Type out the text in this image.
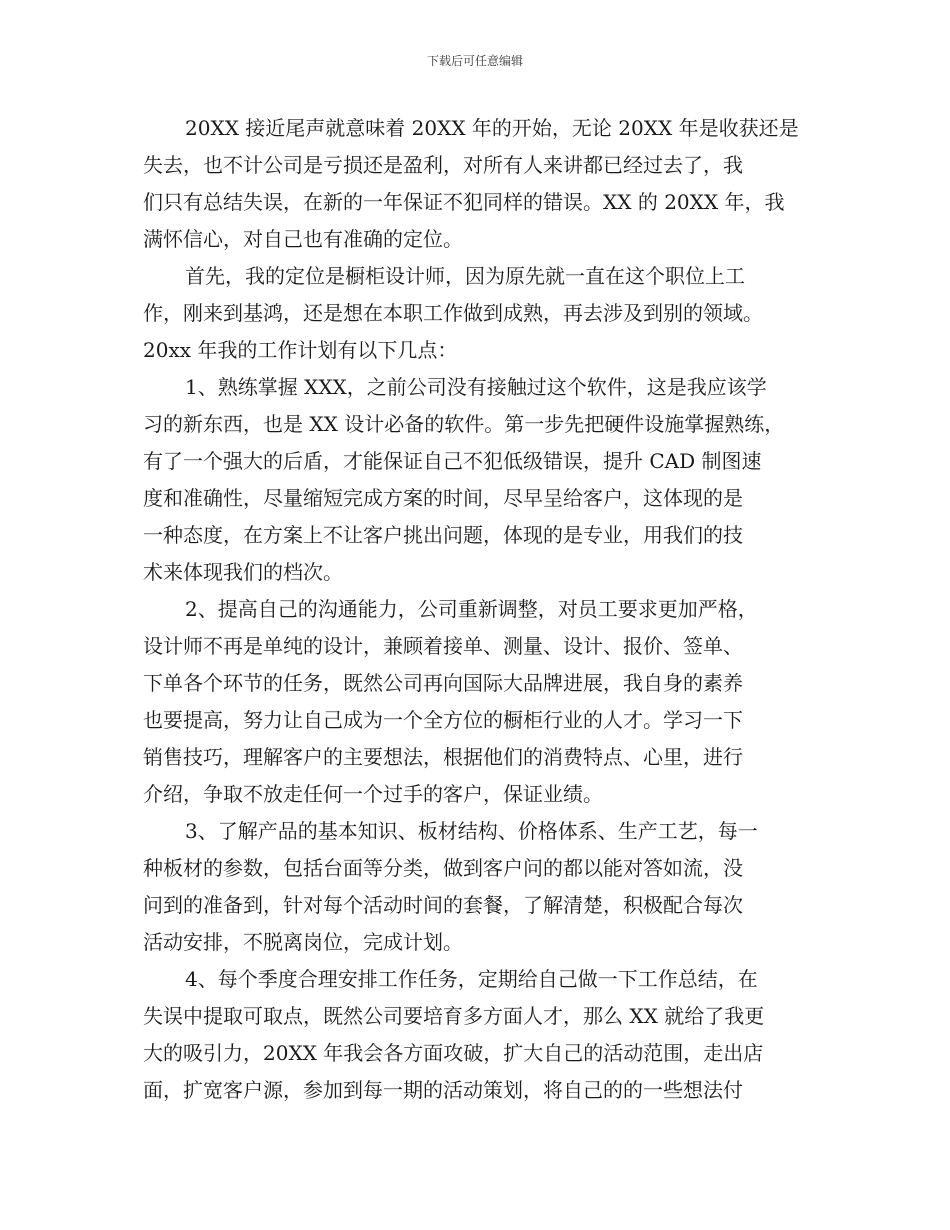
下载后可任意编辑
20XX 接近尾声就意味着 20XX 年的开始，无论 20XX 年是收获还是
失去，也不计公司是亏损还是盈利，对所有人来讲都已经过去了，我
们只有总结失误，在新的一年保证不犯同样的错误。XX 的 20XX 年，我
满怀信心，对自己也有准确的定位。
首先，我的定位是橱柜设计师，因为原先就一直在这个职位上工
作，刚来到基鸿，还是想在本职工作做到成熟，再去涉及到别的领域。
20xx 年我的工作计划有以下几点：
1、熟练掌握 XXX，之前公司没有接触过这个软件，这是我应该学
习的新东西，也是 XX 设计必备的软件。第一步先把硬件设施掌握熟练，
有了一个强大的后盾，才能保证自己不犯低级错误，提升 CAD 制图速
度和准确性，尽量缩短完成方案的时间，尽早呈给客户，这体现的是
一种态度，在方案上不让客户挑出问题，体现的是专业，用我们的技
术来体现我们的档次。
2、提高自己的沟通能力，公司重新调整，对员工要求更加严格，
设计师不再是单纯的设计，兼顾着接单、测量、设计、报价、签单、
下单各个环节的任务，既然公司再向国际大品牌进展，我自身的素养
也要提高，努力让自己成为一个全方位的橱柜行业的人才。学习一下
销售技巧，理解客户的主要想法，根据他们的消费特点、心里，进行
介绍，争取不放走任何一个过手的客户，保证业绩。
3、了解产品的基本知识、板材结构、价格体系、生产工艺，每一
种板材的参数，包括台面等分类，做到客户问的都以能对答如流，没
问到的准备到，针对每个活动时间的套餐，了解清楚，积极配合每次
活动安排，不脱离岗位，完成计划。
4、每个季度合理安排工作任务，定期给自己做一下工作总结，在
失误中提取可取点，既然公司要培育多方面人才，那么 XX 就给了我更
大的吸引力，20XX 年我会各方面攻破，扩大自己的活动范围，走出店
面，扩宽客户源，参加到每一期的活动策划，将自己的的一些想法付
